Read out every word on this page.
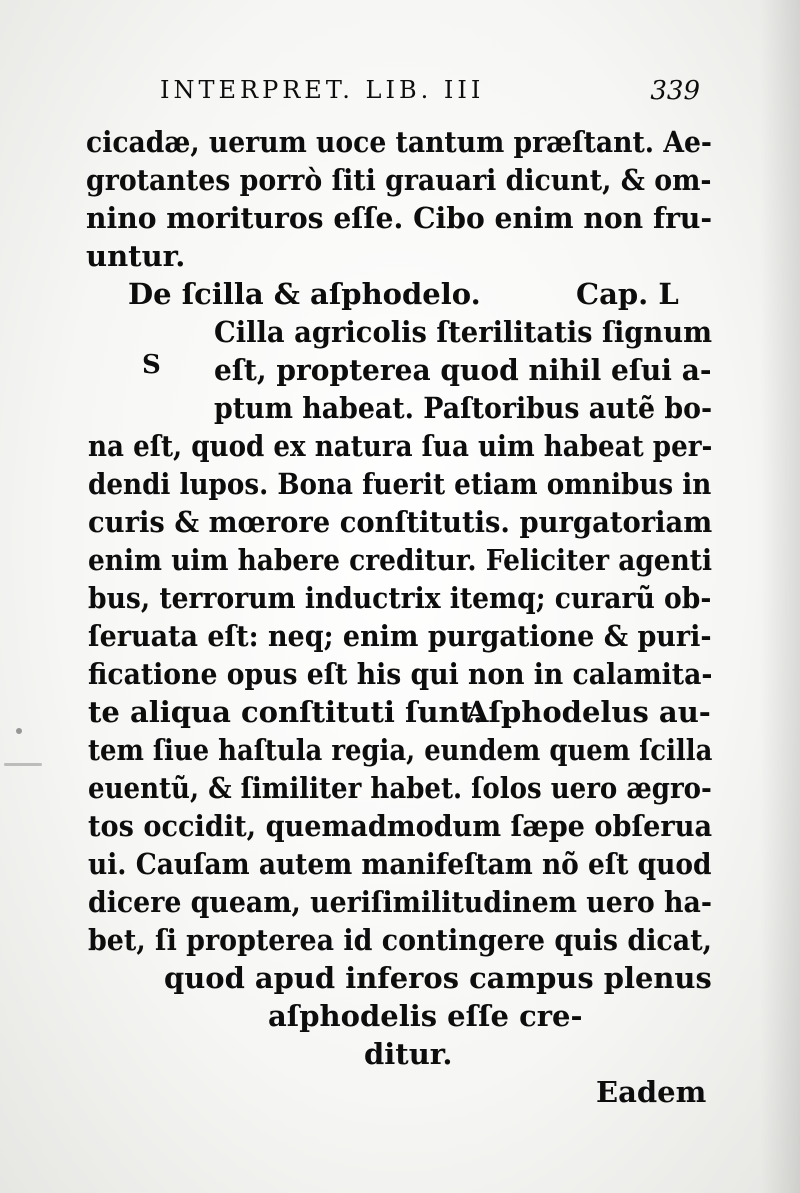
INTERPRET. LIB. III	339
cicadæ, uerum uoce tantum præſtant. Ae-
grotantes porrò ſiti grauari dicunt, & om-
nino morituros eſſe. Cibo enim non fru-
untur.
De ſcilla & aſphodelo.	Cap. L
S
Cilla agricolis ſterilitatis ſignum
eſt, propterea quod nihil eſui a-
ptum habeat. Paſtoribus autẽ bo-
na eſt, quod ex natura ſua uim habeat per-
dendi lupos. Bona fuerit etiam omnibus in
curis & mœrore conſtitutis. purgatoriam
enim uim habere creditur. Feliciter agenti
bus, terrorum inductrix itemq; curarũ ob-
ſeruata eſt: neq; enim purgatione & puri-
ficatione opus eſt his qui non in calamita-
te aliqua conſtituti ſunt.
Aſphodelus au-
tem ſiue haſtula regia, eundem quem ſcilla
euentũ, & ſimiliter habet. ſolos uero ægro-
tos occidit, quemadmodum ſæpe obſerua
ui. Cauſam autem manifeſtam nõ eſt quod
dicere queam, ueriſimilitudinem uero ha-
bet, ſi propterea id contingere quis dicat,
quod apud inferos campus plenus
aſphodelis eſſe cre-
ditur.
Eadem
